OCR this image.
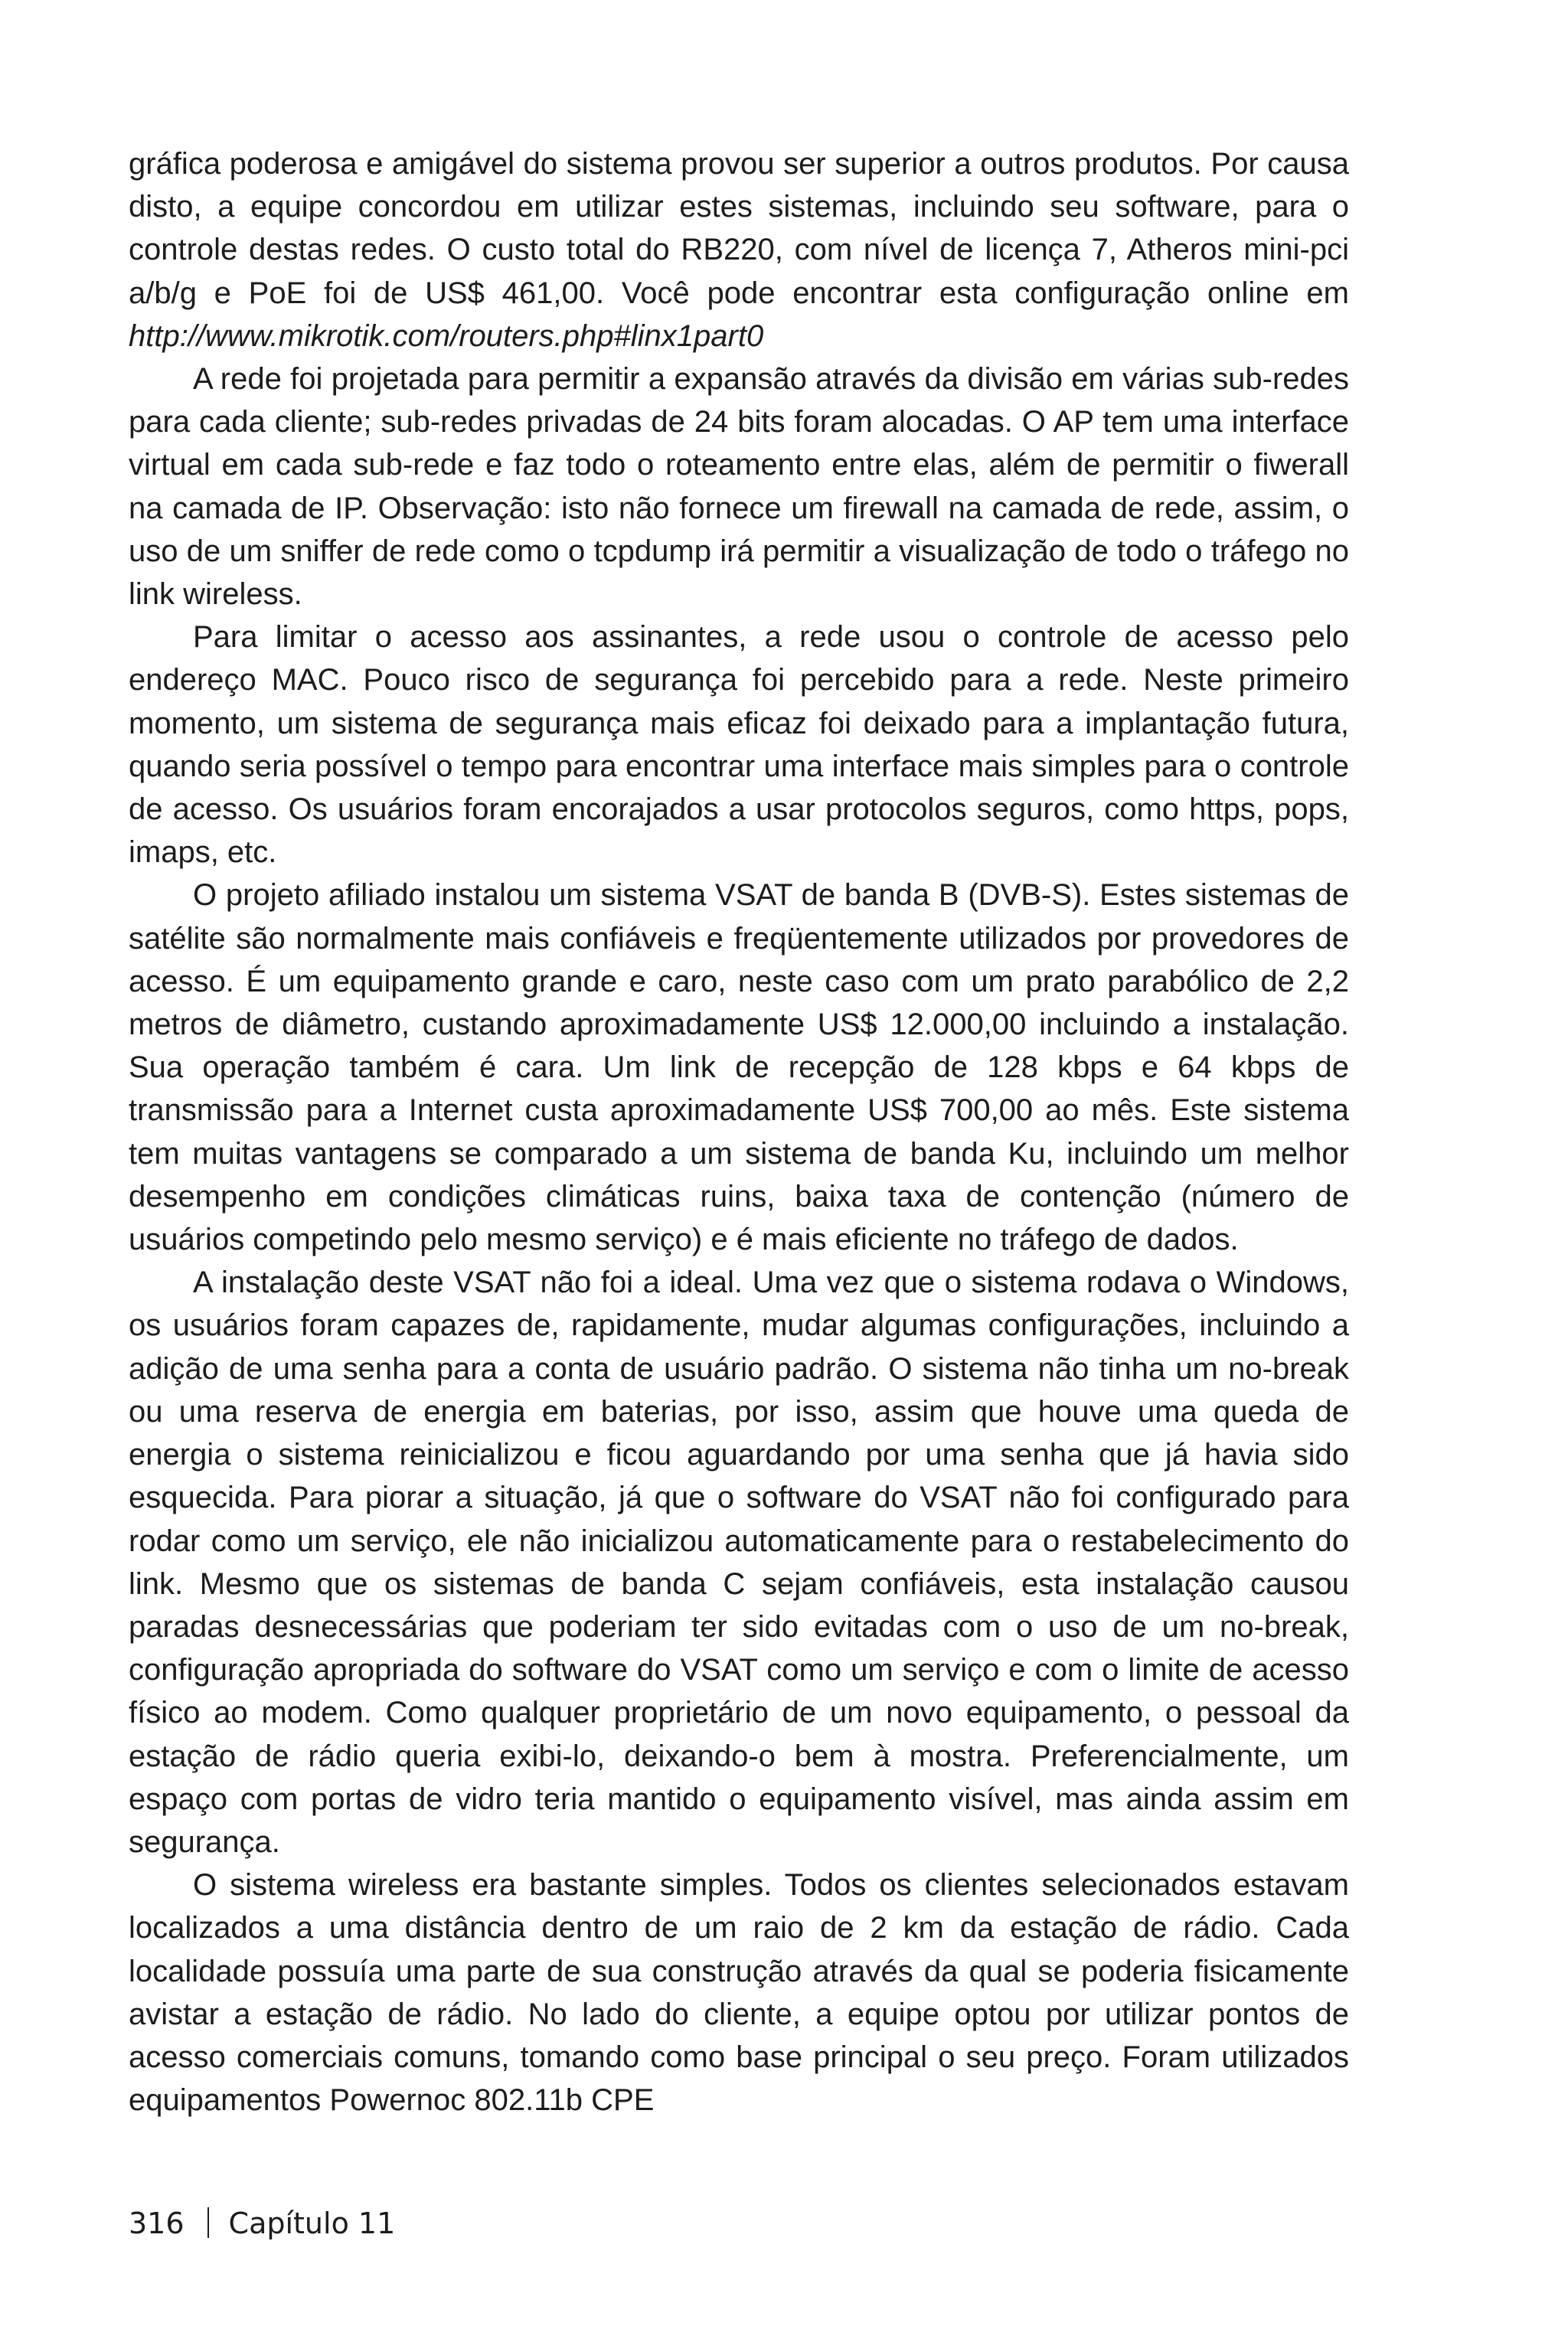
gráfica poderosa e amigável do sistema provou ser superior a outros produtos. Por causa disto, a equipe concordou em utilizar estes sistemas, incluindo seu software, para o controle destas redes. O custo total do RB220, com nível de licença 7, Atheros mini-pci a/b/g e PoE foi de US$ 461,00. Você pode encontrar esta configuração online em http://www.mikrotik.com/routers.php#linx1part0

A rede foi projetada para permitir a expansão através da divisão em várias sub-redes para cada cliente; sub-redes privadas de 24 bits foram alocadas. O AP tem uma interface virtual em cada sub-rede e faz todo o roteamento entre elas, além de permitir o fiwerall na camada de IP. Observação: isto não fornece um firewall na camada de rede, assim, o uso de um sniffer de rede como o tcpdump irá permitir a visualização de todo o tráfego no link wireless.

Para limitar o acesso aos assinantes, a rede usou o controle de acesso pelo endereço MAC. Pouco risco de segurança foi percebido para a rede. Neste primeiro momento, um sistema de segurança mais eficaz foi deixado para a implantação futura, quando seria possível o tempo para encontrar uma interface mais simples para o controle de acesso. Os usuários foram encorajados a usar protocolos seguros, como https, pops, imaps, etc.

O projeto afiliado instalou um sistema VSAT de banda B (DVB-S). Estes sistemas de satélite são normalmente mais confiáveis e freqüentemente utilizados por provedores de acesso. É um equipamento grande e caro, neste caso com um prato parabólico de 2,2 metros de diâmetro, custando aproximadamente US$ 12.000,00 incluindo a instalação. Sua operação também é cara. Um link de recepção de 128 kbps e 64 kbps de transmissão para a Internet custa aproximadamente US$ 700,00 ao mês. Este sistema tem muitas vantagens se comparado a um sistema de banda Ku, incluindo um melhor desempenho em condições climáticas ruins, baixa taxa de contenção (número de usuários competindo pelo mesmo serviço) e é mais eficiente no tráfego de dados.

A instalação deste VSAT não foi a ideal. Uma vez que o sistema rodava o Windows, os usuários foram capazes de, rapidamente, mudar algumas configurações, incluindo a adição de uma senha para a conta de usuário padrão. O sistema não tinha um no-break ou uma reserva de energia em baterias, por isso, assim que houve uma queda de energia o sistema reinicializou e ficou aguardando por uma senha que já havia sido esquecida. Para piorar a situação, já que o software do VSAT não foi configurado para rodar como um serviço, ele não inicializou automaticamente para o restabelecimento do link. Mesmo que os sistemas de banda C sejam confiáveis, esta instalação causou paradas desnecessárias que poderiam ter sido evitadas com o uso de um no-break, configuração apropriada do software do VSAT como um serviço e com o limite de acesso físico ao modem. Como qualquer proprietário de um novo equipamento, o pessoal da estação de rádio queria exibi-lo, deixando-o bem à mostra. Preferencialmente, um espaço com portas de vidro teria mantido o equipamento visível, mas ainda assim em segurança.

O sistema wireless era bastante simples. Todos os clientes selecionados estavam localizados a uma distância dentro de um raio de 2 km da estação de rádio. Cada localidade possuía uma parte de sua construção através da qual se poderia fisicamente avistar a estação de rádio. No lado do cliente, a equipe optou por utilizar pontos de acesso comerciais comuns, tomando como base principal o seu preço. Foram utilizados equipamentos Powernoc 802.11b CPE

316 Capítulo 11
